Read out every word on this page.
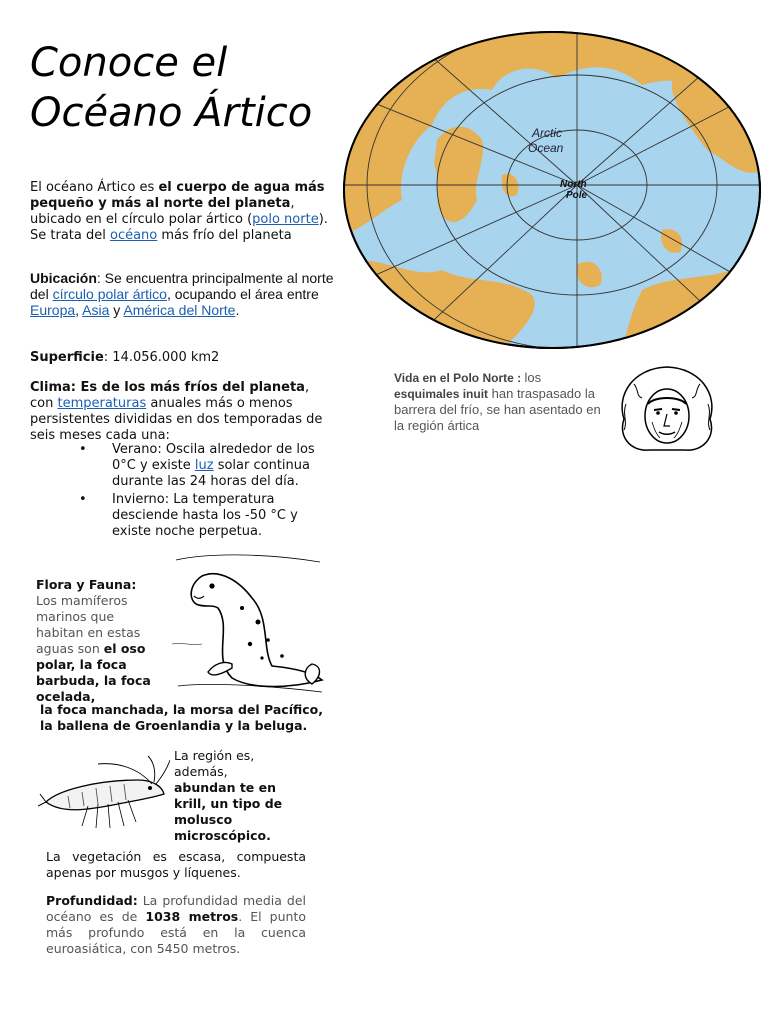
Conoce el
Océano Ártico	Arctic
Ocean
North
Pole
El océano Ártico es el cuerpo de agua más pequeño y más al norte del planeta, ubicado en el círculo polar ártico (polo norte). Se trata del océano más frío del planeta
Ubicación: Se encuentra principalmente al norte del círculo polar ártico, ocupando el área entre Europa, Asia y América del Norte.
Superficie: 14.056.000 km2
Clima: Es de los más fríos del planeta, con temperaturas anuales más o menos persistentes divididas en dos temporadas de seis meses cada una:
• Verano: Oscila alrededor de los 0°C y existe luz solar continua durante las 24 horas del día.
• Invierno: La temperatura desciende hasta los -50 °C y existe noche perpetua.
Vida en el Polo Norte : los esquimales inuit han traspasado la barrera del frío, se han asentado en la región ártica
Flora y Fauna:
Los mamíferos marinos que habitan en estas aguas son el oso polar, la foca barbuda, la foca ocelada,
la foca manchada, la morsa del Pacífico, la ballena de Groenlandia y la beluga.
La región es, además, abundan te en krill, un tipo de molusco microscópico.
La vegetación es escasa, compuesta apenas por musgos y líquenes.
Profundidad: La profundidad media del océano es de 1038 metros. El punto más profundo está en la cuenca euroasiática, con 5450 metros.
